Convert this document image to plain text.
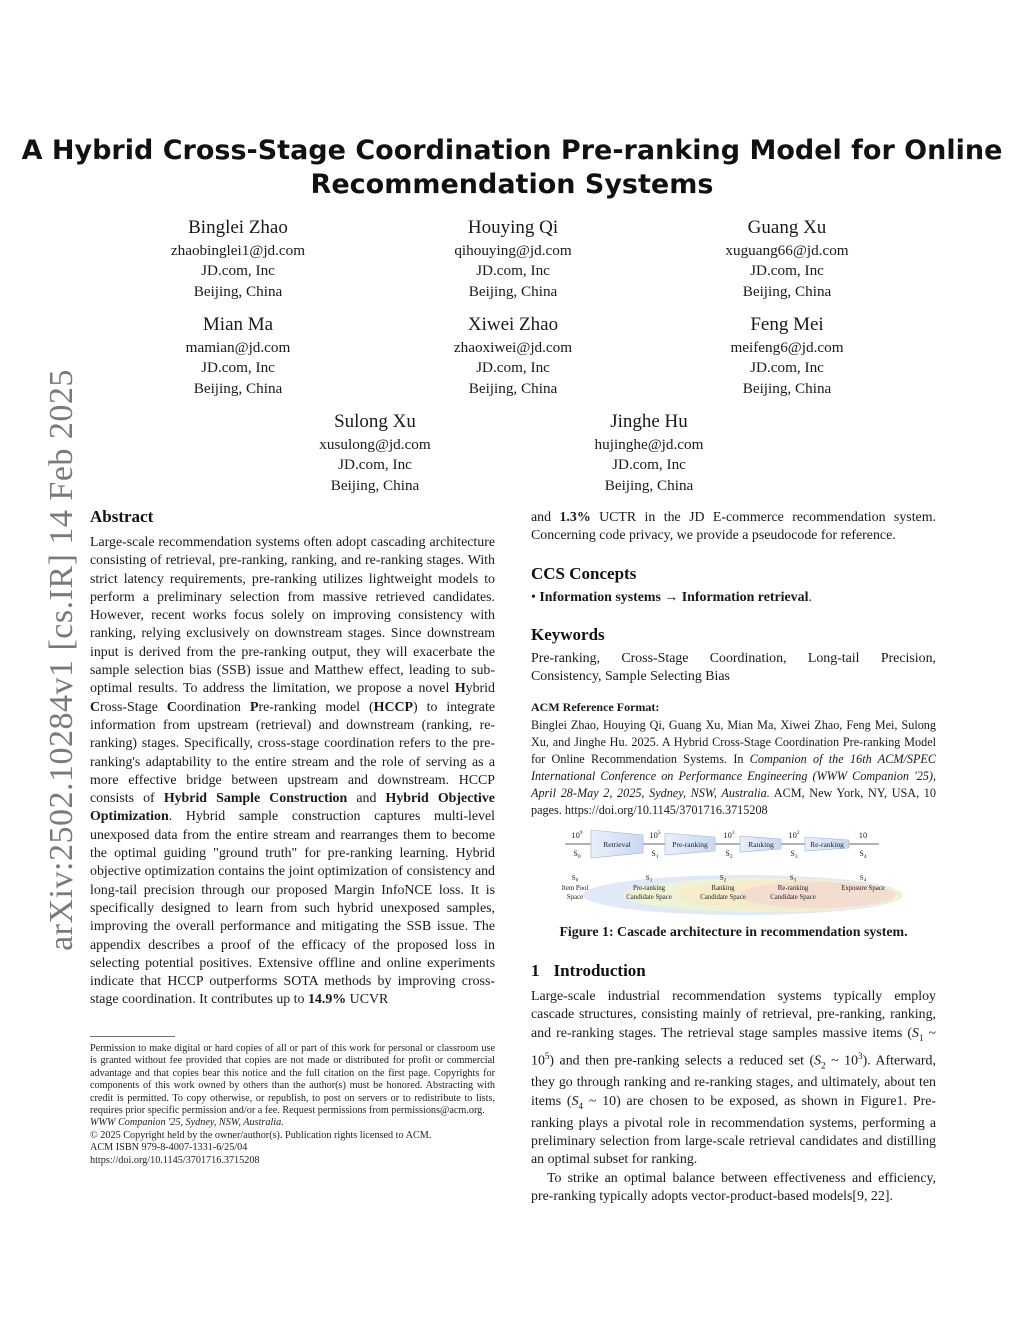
arXiv:2502.10284v1 [cs.IR] 14 Feb 2025
A Hybrid Cross-Stage Coordination Pre-ranking Model for Online
Recommendation Systems
Binglei Zhao
zhaobinglei1@jd.com
JD.com, Inc
Beijing, China
Houying Qi
qihouying@jd.com
JD.com, Inc
Beijing, China
Guang Xu
xuguang66@jd.com
JD.com, Inc
Beijing, China
Mian Ma
mamian@jd.com
JD.com, Inc
Beijing, China
Xiwei Zhao
zhaoxiwei@jd.com
JD.com, Inc
Beijing, China
Feng Mei
meifeng6@jd.com
JD.com, Inc
Beijing, China
Sulong Xu
xusulong@jd.com
JD.com, Inc
Beijing, China
Jinghe Hu
hujinghe@jd.com
JD.com, Inc
Beijing, China
Abstract

Large-scale recommendation systems often adopt cascading architecture consisting of retrieval, pre-ranking, ranking, and re-ranking stages. With strict latency requirements, pre-ranking utilizes lightweight models to perform a preliminary selection from massive retrieved candidates. However, recent works focus solely on improving consistency with ranking, relying exclusively on downstream stages. Since downstream input is derived from the pre-ranking output, they will exacerbate the sample selection bias (SSB) issue and Matthew effect, leading to sub-optimal results. To address the limitation, we propose a novel Hybrid Cross-Stage Coordination Pre-ranking model (HCCP) to integrate information from upstream (retrieval) and downstream (ranking, re-ranking) stages. Specifically, cross-stage coordination refers to the pre-ranking's adaptability to the entire stream and the role of serving as a more effective bridge between upstream and downstream. HCCP consists of Hybrid Sample Construction and Hybrid Objective Optimization. Hybrid sample construction captures multi-level unexposed data from the entire stream and rearranges them to become the optimal guiding "ground truth" for pre-ranking learning. Hybrid objective optimization contains the joint optimization of consistency and long-tail precision through our proposed Margin InfoNCE loss. It is specifically designed to learn from such hybrid unexposed samples, improving the overall performance and mitigating the SSB issue. The appendix describes a proof of the efficacy of the proposed loss in selecting potential positives. Extensive offline and online experiments indicate that HCCP outperforms SOTA methods by improving cross-stage coordination. It contributes up to 14.9% UCVR

Permission to make digital or hard copies of all or part of this work for personal or classroom use is granted without fee provided that copies are not made or distributed for profit or commercial advantage and that copies bear this notice and the full citation on the first page. Copyrights for components of this work owned by others than the author(s) must be honored. Abstracting with credit is permitted. To copy otherwise, or republish, to post on servers or to redistribute to lists, requires prior specific permission and/or a fee. Request permissions from permissions@acm.org.

WWW Companion '25, Sydney, NSW, Australia.

© 2025 Copyright held by the owner/author(s). Publication rights licensed to ACM.

ACM ISBN 979-8-4007-1331-6/25/04

https://doi.org/10.1145/3701716.3715208

and 1.3% UCTR in the JD E-commerce recommendation system. Concerning code privacy, we provide a pseudocode for reference.

CCS Concepts

• Information systems → Information retrieval.

Keywords

Pre-ranking, Cross-Stage Coordination, Long-tail Precision, Consistency, Sample Selecting Bias

ACM Reference Format:

Binglei Zhao, Houying Qi, Guang Xu, Mian Ma, Xiwei Zhao, Feng Mei, Sulong Xu, and Jinghe Hu. 2025. A Hybrid Cross-Stage Coordination Pre-ranking Model for Online Recommendation Systems. In Companion of the 16th ACM/SPEC International Conference on Performance Engineering (WWW Companion '25), April 28-May 2, 2025, Sydney, NSW, Australia. ACM, New York, NY, USA, 10 pages. https://doi.org/10.1145/3701716.3715208

$10^9$	$10^5$	$10^3$	$10^2$	10
$S_0$	$S_1$	$S_2$	$S_3$	$S_4$
Retrieval	Pre-ranking	Ranking	Re-ranking
$S_0$	$S_1$	$S_2$	$S_3$	$S_4$
Item Pool
Space
Pre-ranking
Candidate Space
Ranking
Candidate Space
Re-ranking
Candidate Space
Exposure Space
Figure 1: Cascade architecture in recommendation system.
1 Introduction

Large-scale industrial recommendation systems typically employ cascade structures, consisting mainly of retrieval, pre-ranking, ranking, and re-ranking stages. The retrieval stage samples massive items ($S_1$ ~ $10^5$) and then pre-ranking selects a reduced set ($S_2$ ~ $10^3$). Afterward, they go through ranking and re-ranking stages, and ultimately, about ten items ($S_4$ ~ 10) are chosen to be exposed, as shown in Figure1. Pre-ranking plays a pivotal role in recommendation systems, performing a preliminary selection from large-scale retrieval candidates and distilling an optimal subset for ranking.

To strike an optimal balance between effectiveness and efficiency, pre-ranking typically adopts vector-product-based models[9, 22].
